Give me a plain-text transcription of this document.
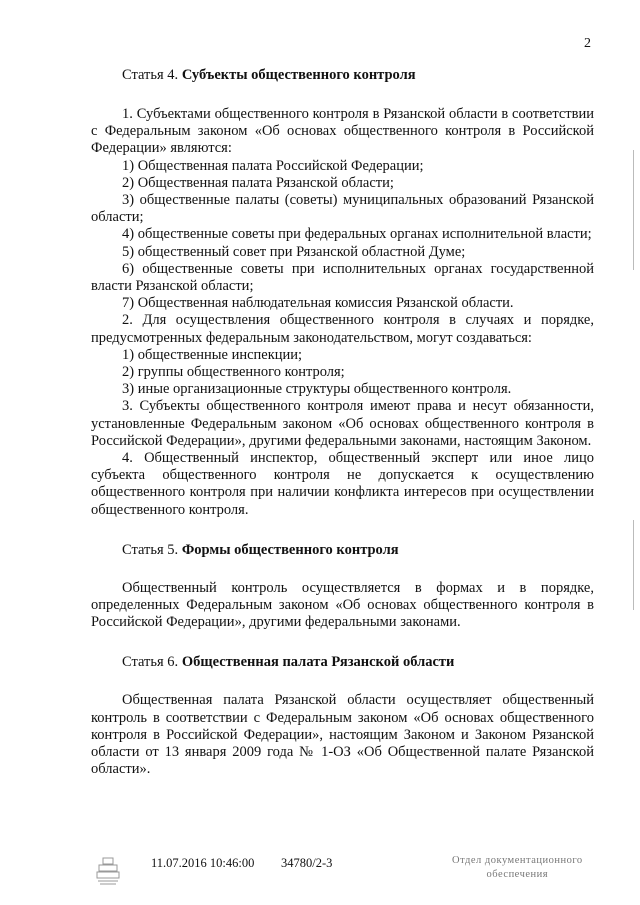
2
Статья 4. Субъекты общественного контроля

1. Субъектами общественного контроля в Рязанской области в соответствии с Федеральным законом «Об основах общественного контроля в Российской Федерации» являются:

1) Общественная палата Российской Федерации;

2) Общественная палата Рязанской области;

3) общественные палаты (советы) муниципальных образований Рязанской области;

4) общественные советы при федеральных органах исполнительной власти;

5) общественный совет при Рязанской областной Думе;

6) общественные советы при исполнительных органах государственной власти Рязанской области;

7) Общественная наблюдательная комиссия Рязанской области.

2. Для осуществления общественного контроля в случаях и порядке, предусмотренных федеральным законодательством, могут создаваться:

1) общественные инспекции;

2) группы общественного контроля;

3) иные организационные структуры общественного контроля.

3. Субъекты общественного контроля имеют права и несут обязанности, установленные Федеральным законом «Об основах общественного контроля в Российской Федерации», другими федеральными законами, настоящим Законом.

4. Общественный инспектор, общественный эксперт или иное лицо субъекта общественного контроля не допускается к осуществлению общественного контроля при наличии конфликта интересов при осуществлении общественного контроля.

Статья 5. Формы общественного контроля

Общественный контроль осуществляется в формах и в порядке, определенных Федеральным законом «Об основах общественного контроля в Российской Федерации», другими федеральными законами.

Статья 6. Общественная палата Рязанской области

Общественная палата Рязанской области осуществляет общественный контроль в соответствии с Федеральным законом «Об основах общественного контроля в Российской Федерации», настоящим Законом и Законом Рязанской области от 13 января 2009 года № 1-ОЗ «Об Общественной палате Рязанской области».

11.07.2016 10:46:00 34780/2-3	Отдел документационного
обеспечения
